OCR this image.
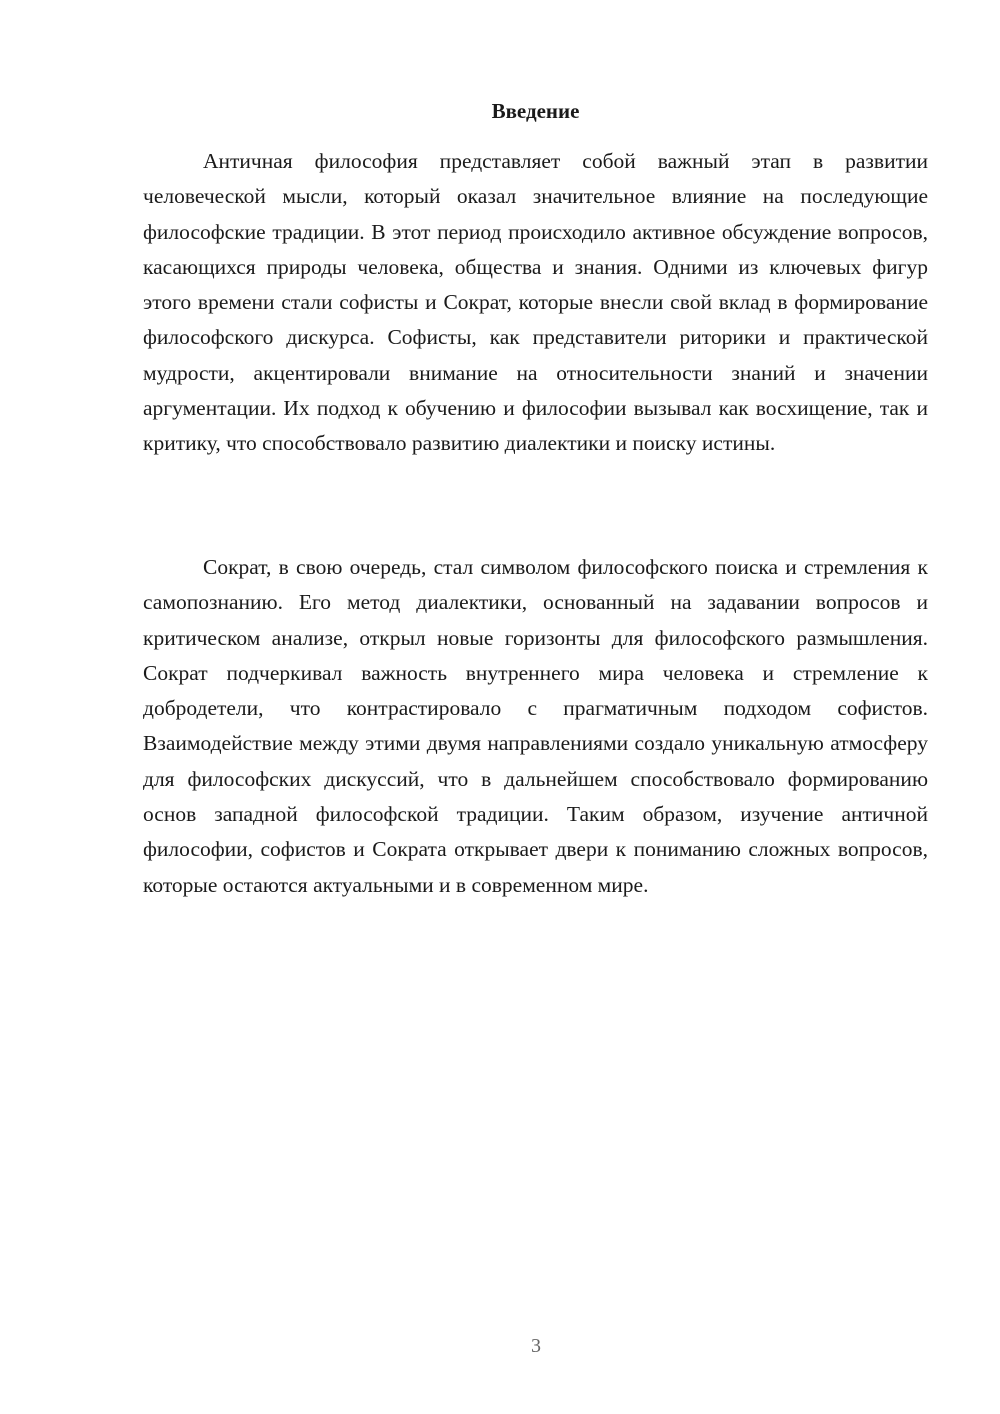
Введение

Античная философия представляет собой важный этап в развитии человеческой мысли, который оказал значительное влияние на последующие философские традиции. В этот период происходило активное обсуждение вопросов, касающихся природы человека, общества и знания. Одними из ключевых фигур этого времени стали софисты и Сократ, которые внесли свой вклад в формирование философского дискурса. Софисты, как представители риторики и практической мудрости, акцентировали внимание на относительности знаний и значении аргументации. Их подход к обучению и философии вызывал как восхищение, так и критику, что способствовало развитию диалектики и поиску истины.

Сократ, в свою очередь, стал символом философского поиска и стремления к самопознанию. Его метод диалектики, основанный на задавании вопросов и критическом анализе, открыл новые горизонты для философского размышления. Сократ подчеркивал важность внутреннего мира человека и стремление к добродетели, что контрастировало с прагматичным подходом софистов. Взаимодействие между этими двумя направлениями создало уникальную атмосферу для философских дискуссий, что в дальнейшем способствовало формированию основ западной философской традиции. Таким образом, изучение античной философии, софистов и Сократа открывает двери к пониманию сложных вопросов, которые остаются актуальными и в современном мире.

3
